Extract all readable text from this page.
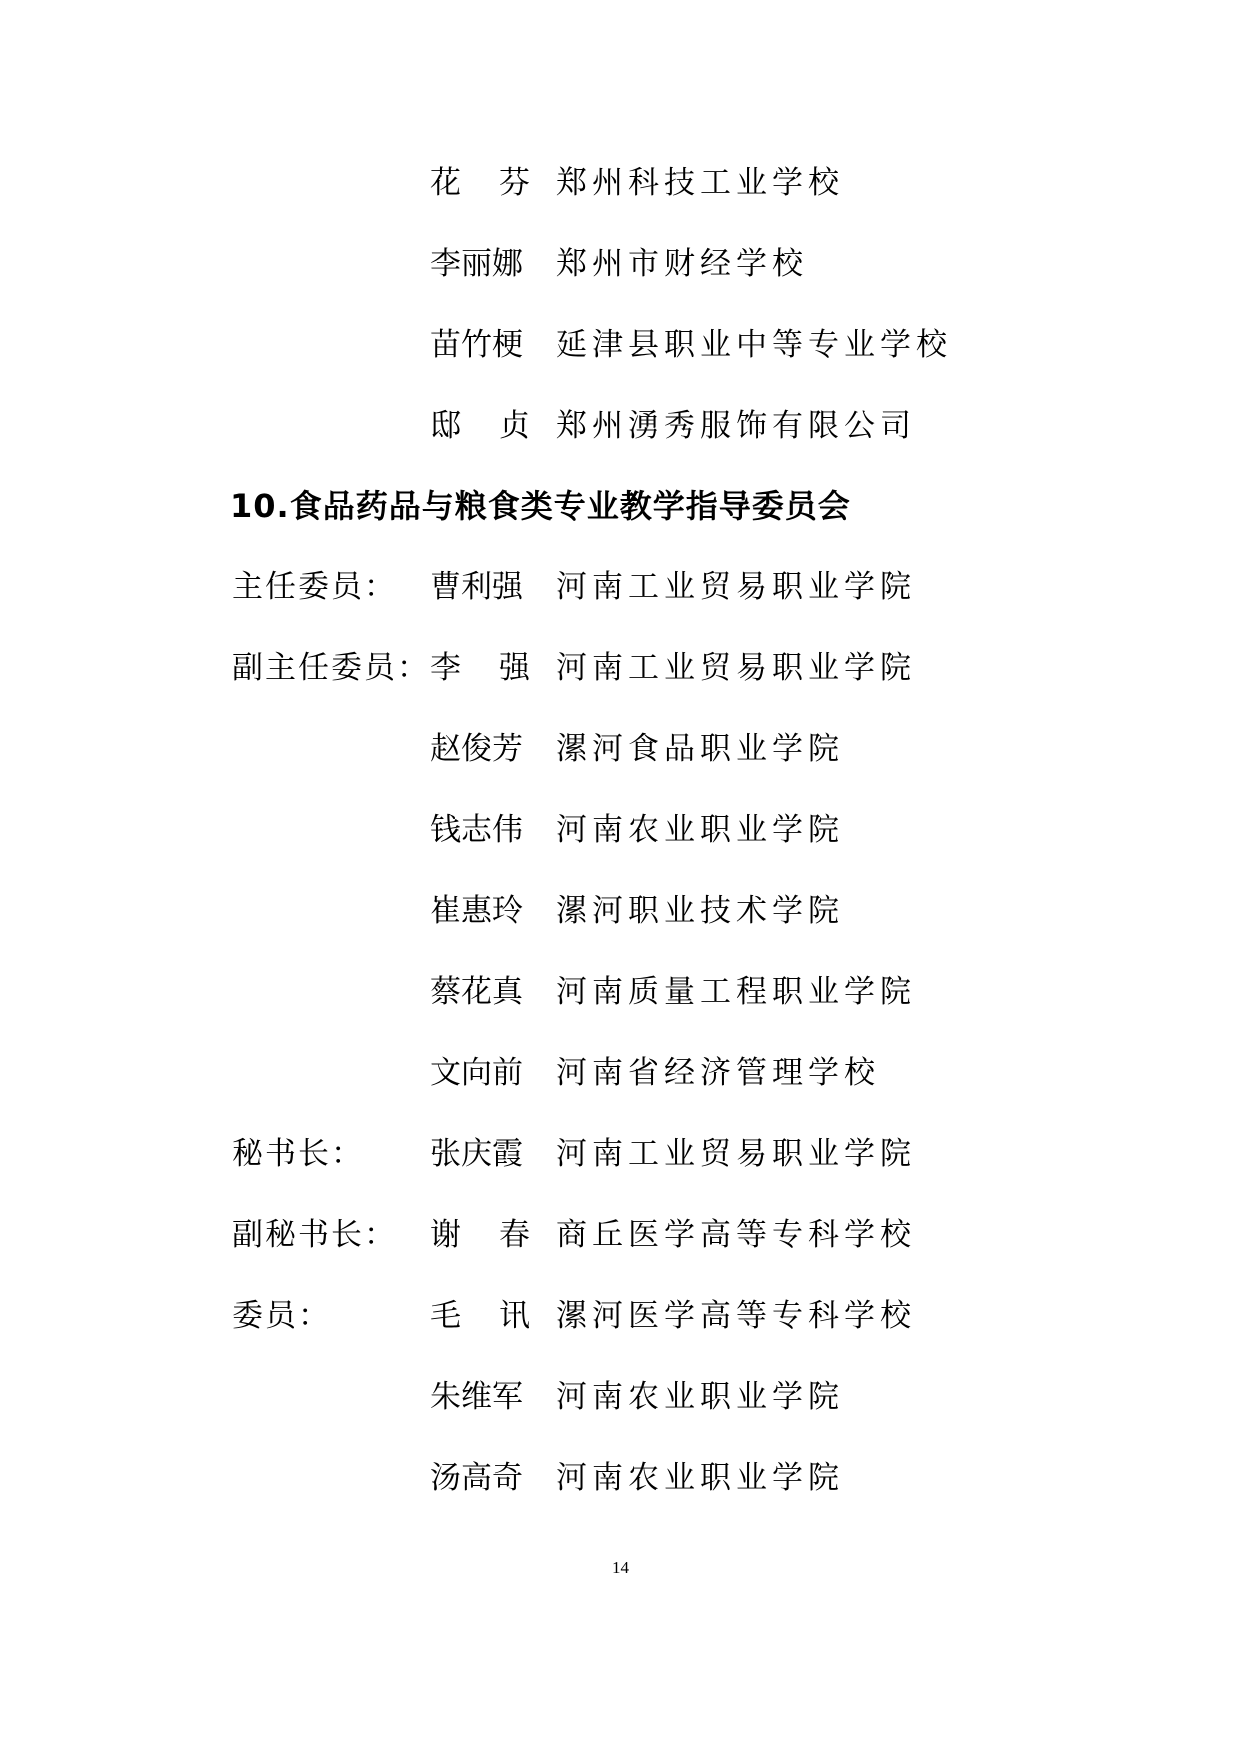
花 芬 郑州科技工业学校
李丽娜 郑州市财经学校
苗竹梗 延津县职业中等专业学校
邸 贞 郑州湧秀服饰有限公司
10.食品药品与粮食类专业教学指导委员会
主任委员： 曹利强 河南工业贸易职业学院
副主任委员： 李 强 河南工业贸易职业学院
赵俊芳 漯河食品职业学院
钱志伟 河南农业职业学院
崔惠玲 漯河职业技术学院
蔡花真 河南质量工程职业学院
文向前 河南省经济管理学校
秘书长： 张庆霞 河南工业贸易职业学院
副秘书长： 谢 春 商丘医学高等专科学校
委员：	毛 讯 漯河医学高等专科学校
朱维军 河南农业职业学院
汤高奇 河南农业职业学院
14
